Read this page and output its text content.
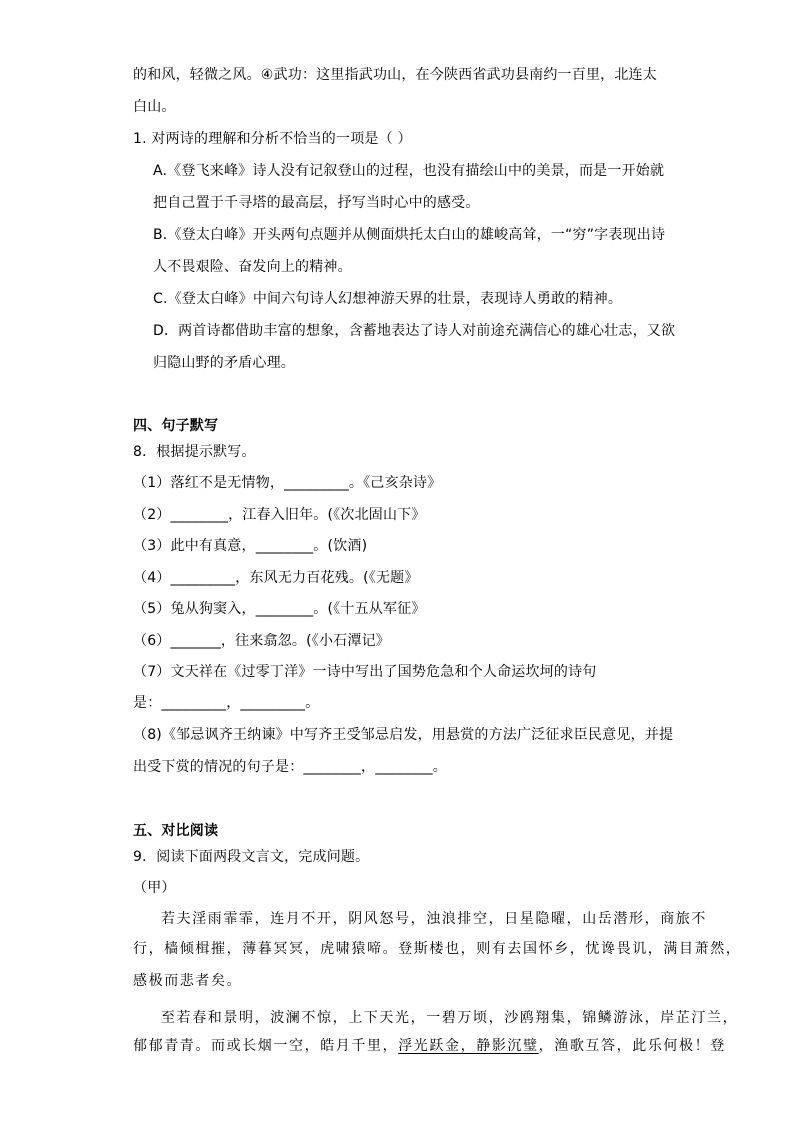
的和风，轻微之风。④武功：这里指武功山，在今陕西省武功县南约一百里，北连太
白山。
1. 对两诗的理解和分析不恰当的一项是（ ）
A.《登飞来峰》诗人没有记叙登山的过程，也没有描绘山中的美景，而是一开始就
把自己置于千寻塔的最高层，抒写当时心中的感受。
B.《登太白峰》开头两句点题并从侧面烘托太白山的雄峻高耸，一“穷”字表现出诗
人不畏艰险、奋发向上的精神。
C.《登太白峰》中间六句诗人幻想神游天界的壮景，表现诗人勇敢的精神。
D．两首诗都借助丰富的想象，含蓄地表达了诗人对前途充满信心的雄心壮志，又欲
归隐山野的矛盾心理。
四、句子默写
8．根据提示默写。
（1）落红不是无情物，_________。《己亥杂诗》
（2）________，江春入旧年。(《次北固山下》
（3）此中有真意，________。(饮酒)
（4）_________，东风无力百花残。(《无题》
（5）兔从狗窦入，________。(《十五从军征》
（6）_______，往来翕忽。(《小石潭记》
（7）文天祥在《过零丁洋》一诗中写出了国势危急和个人命运坎坷的诗句
是：_________，_________。
（8)《邹忌讽齐王纳谏》中写齐王受邹忌启发，用悬赏的方法广泛征求臣民意见，并提
出受下赏的情况的句子是：________，________。
五、对比阅读
9．阅读下面两段文言文，完成问题。
（甲）
若夫淫雨霏霏，连月不开，阴风怒号，浊浪排空，日星隐曜，山岳潜形，商旅不
行，樯倾楫摧，薄暮冥冥，虎啸猿啼。登斯楼也，则有去国怀乡，忧谗畏讥，满目萧然，
感极而悲者矣。
至若春和景明，波澜不惊，上下天光，一碧万顷，沙鸥翔集，锦鳞游泳，岸芷汀兰，
郁郁青青。而或长烟一空，皓月千里，浮光跃金，静影沉璧，渔歌互答，此乐何极！登
